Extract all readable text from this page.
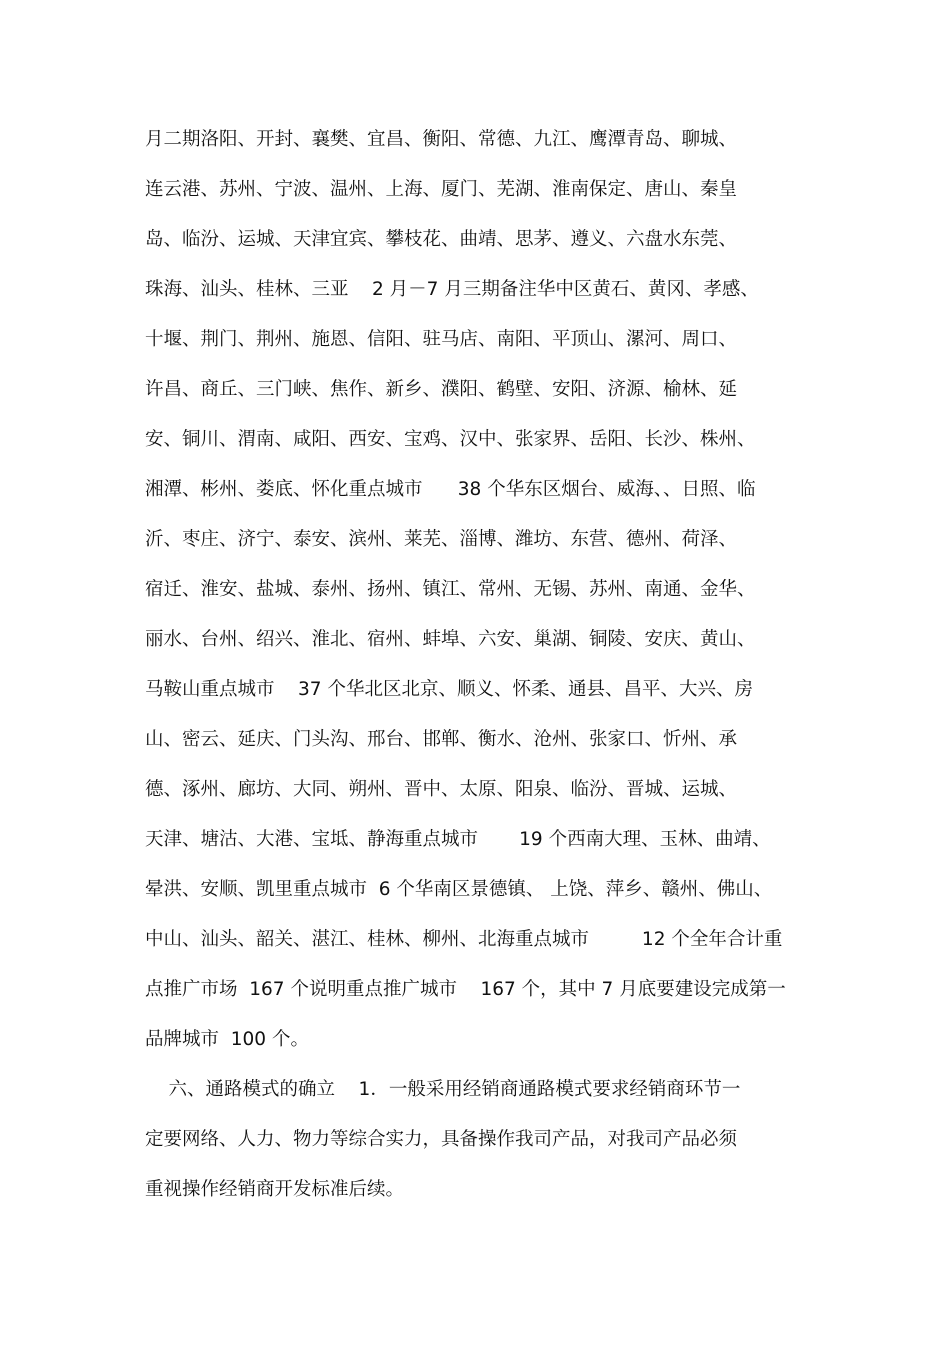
月二期洛阳、开封、襄樊、宜昌、衡阳、常德、九江、鹰潭青岛、聊城、
连云港、苏州、宁波、温州、上海、厦门、芜湖、淮南保定、唐山、秦皇
岛、临汾、运城、天津宜宾、攀枝花、曲靖、思茅、遵义、六盘水东莞、
珠海、汕头、桂林、三亚    2 月－7 月三期备注华中区黄石、黄冈、孝感、
十堰、荆门、荆州、施恩、信阳、驻马店、南阳、平顶山、漯河、周口、
许昌、商丘、三门峡、焦作、新乡、濮阳、鹤壁、安阳、济源、榆林、延
安、铜川、渭南、咸阳、西安、宝鸡、汉中、张家界、岳阳、长沙、株州、
湘潭、彬州、娄底、怀化重点城市      38 个华东区烟台、威海、、日照、临
沂、枣庄、济宁、泰安、滨州、莱芜、淄博、潍坊、东营、德州、荷泽、
宿迁、淮安、盐城、泰州、扬州、镇江、常州、无锡、苏州、南通、金华、
丽水、台州、绍兴、淮北、宿州、蚌埠、六安、巢湖、铜陵、安庆、黄山、
马鞍山重点城市    37 个华北区北京、顺义、怀柔、通县、昌平、大兴、房
山、密云、延庆、门头沟、邢台、邯郸、衡水、沧州、张家口、忻州、承
德、涿州、廊坊、大同、朔州、晋中、太原、阳泉、临汾、晋城、运城、
天津、塘沽、大港、宝坻、静海重点城市       19 个西南大理、玉林、曲靖、
晕洪、安顺、凯里重点城市  6 个华南区景德镇、 上饶、萍乡、赣州、佛山、
中山、汕头、韶关、湛江、桂林、柳州、北海重点城市         12 个全年合计重
点推广市场  167 个说明重点推广城市    167 个，其中 7 月底要建设完成第一
品牌城市  100 个。
六、通路模式的确立    1．一般采用经销商通路模式要求经销商环节一
定要网络、人力、物力等综合实力，具备操作我司产品，对我司产品必须
重视操作经销商开发标准后续。
